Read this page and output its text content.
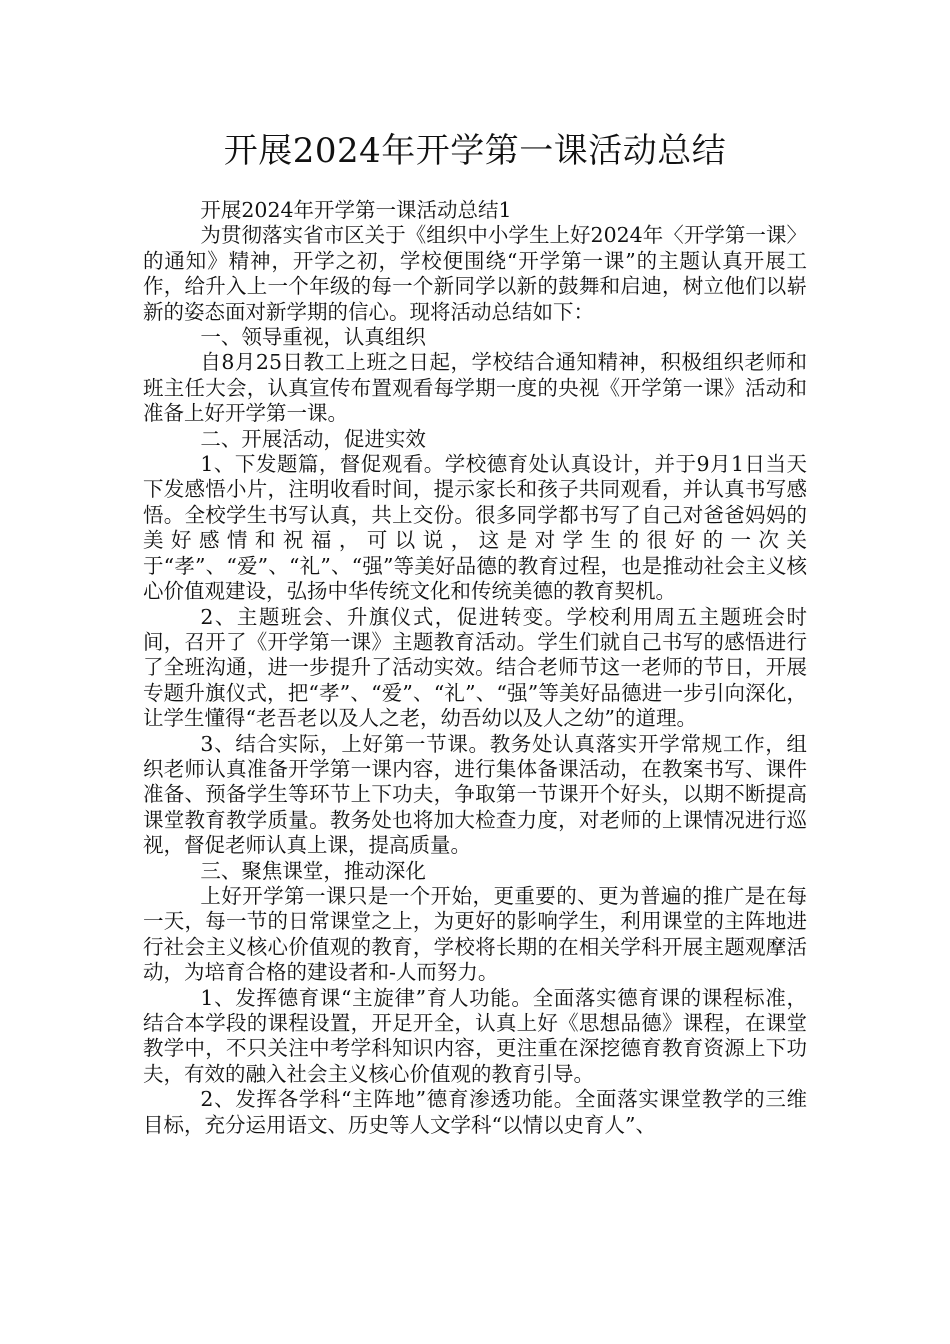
开展2024年开学第一课活动总结

开展2024年开学第一课活动总结1

为贯彻落实省市区关于《组织中小学生上好2024年〈开学第一课〉的通知》精神，开学之初，学校便围绕“开学第一课”的主题认真开展工作，给升入上一个年级的每一个新同学以新的鼓舞和启迪，树立他们以崭新的姿态面对新学期的信心。现将活动总结如下：

一、领导重视，认真组织

自8月25日教工上班之日起，学校结合通知精神，积极组织老师和班主任大会，认真宣传布置观看每学期一度的央视《开学第一课》活动和准备上好开学第一课。

二、开展活动，促进实效

1、下发题篇，督促观看。学校德育处认真设计，并于9月1日当天下发感悟小片，注明收看时间，提示家长和孩子共同观看，并认真书写感悟。全校学生书写认真，共上交份。很多同学都书写了自己对爸爸妈妈的美好感情和祝福，可以说，这是对学生的很好的一次关于“孝”、“爱”、“礼”、“强”等美好品德的教育过程，也是推动社会主义核心价值观建设，弘扬中华传统文化和传统美德的教育契机。

2、主题班会、升旗仪式，促进转变。学校利用周五主题班会时间，召开了《开学第一课》主题教育活动。学生们就自己书写的感悟进行了全班沟通，进一步提升了活动实效。结合老师节这一老师的节日，开展专题升旗仪式，把“孝”、“爱”、“礼”、“强”等美好品德进一步引向深化，让学生懂得“老吾老以及人之老，幼吾幼以及人之幼”的道理。

3、结合实际，上好第一节课。教务处认真落实开学常规工作，组织老师认真准备开学第一课内容，进行集体备课活动，在教案书写、课件准备、预备学生等环节上下功夫，争取第一节课开个好头，以期不断提高课堂教育教学质量。教务处也将加大检查力度，对老师的上课情况进行巡视，督促老师认真上课，提高质量。

三、聚焦课堂，推动深化

上好开学第一课只是一个开始，更重要的、更为普遍的推广是在每一天，每一节的日常课堂之上，为更好的影响学生，利用课堂的主阵地进行社会主义核心价值观的教育，学校将长期的在相关学科开展主题观摩活动，为培育合格的建设者和-人而努力。

1、发挥德育课“主旋律”育人功能。全面落实德育课的课程标准，结合本学段的课程设置，开足开全，认真上好《思想品德》课程，在课堂教学中，不只关注中考学科知识内容，更注重在深挖德育教育资源上下功夫，有效的融入社会主义核心价值观的教育引导。

2、发挥各学科“主阵地”德育渗透功能。全面落实课堂教学的三维目标，充分运用语文、历史等人文学科“以情以史育人”、
